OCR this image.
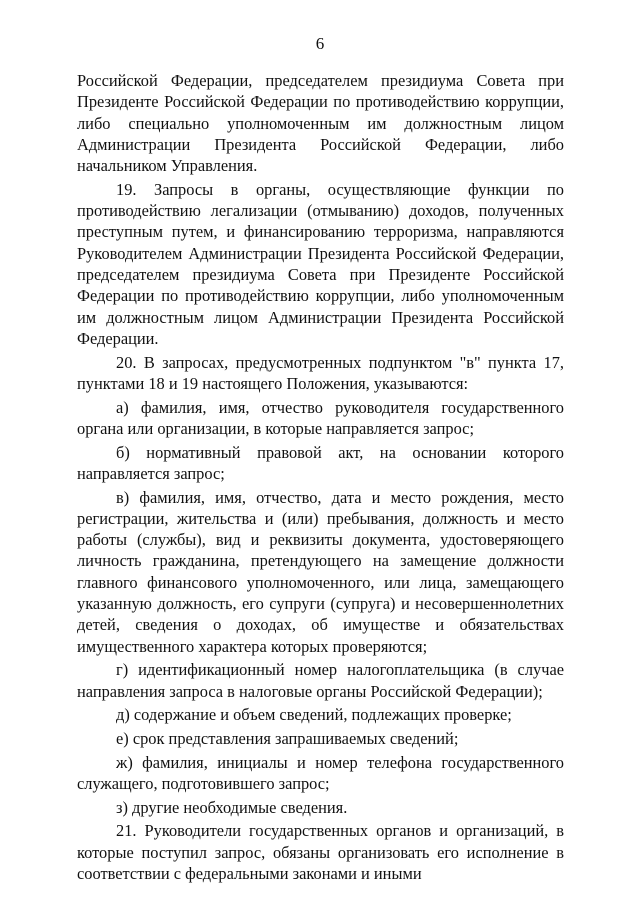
6

Российской Федерации, председателем президиума Совета при Президенте Российской Федерации по противодействию коррупции, либо специально уполномоченным им должностным лицом Администрации Президента Российской Федерации, либо начальником Управления.

19. Запросы в органы, осуществляющие функции по противодействию легализации (отмыванию) доходов, полученных преступным путем, и финансированию терроризма, направляются Руководителем Администрации Президента Российской Федерации, председателем президиума Совета при Президенте Российской Федерации по противодействию коррупции, либо уполномоченным им должностным лицом Администрации Президента Российской Федерации.

20. В запросах, предусмотренных подпунктом "в" пункта 17, пунктами 18 и 19 настоящего Положения, указываются:

а) фамилия, имя, отчество руководителя государственного органа или организации, в которые направляется запрос;

б) нормативный правовой акт, на основании которого направляется запрос;

в) фамилия, имя, отчество, дата и место рождения, место регистрации, жительства и (или) пребывания, должность и место работы (службы), вид и реквизиты документа, удостоверяющего личность гражданина, претендующего на замещение должности главного финансового уполномоченного, или лица, замещающего указанную должность, его супруги (супруга) и несовершеннолетних детей, сведения о доходах, об имуществе и обязательствах имущественного характера которых проверяются;

г) идентификационный номер налогоплательщика (в случае направления запроса в налоговые органы Российской Федерации);

д) содержание и объем сведений, подлежащих проверке;

е) срок представления запрашиваемых сведений;

ж) фамилия, инициалы и номер телефона государственного служащего, подготовившего запрос;

з) другие необходимые сведения.

21. Руководители государственных органов и организаций, в которые поступил запрос, обязаны организовать его исполнение в соответствии с федеральными законами и иными
